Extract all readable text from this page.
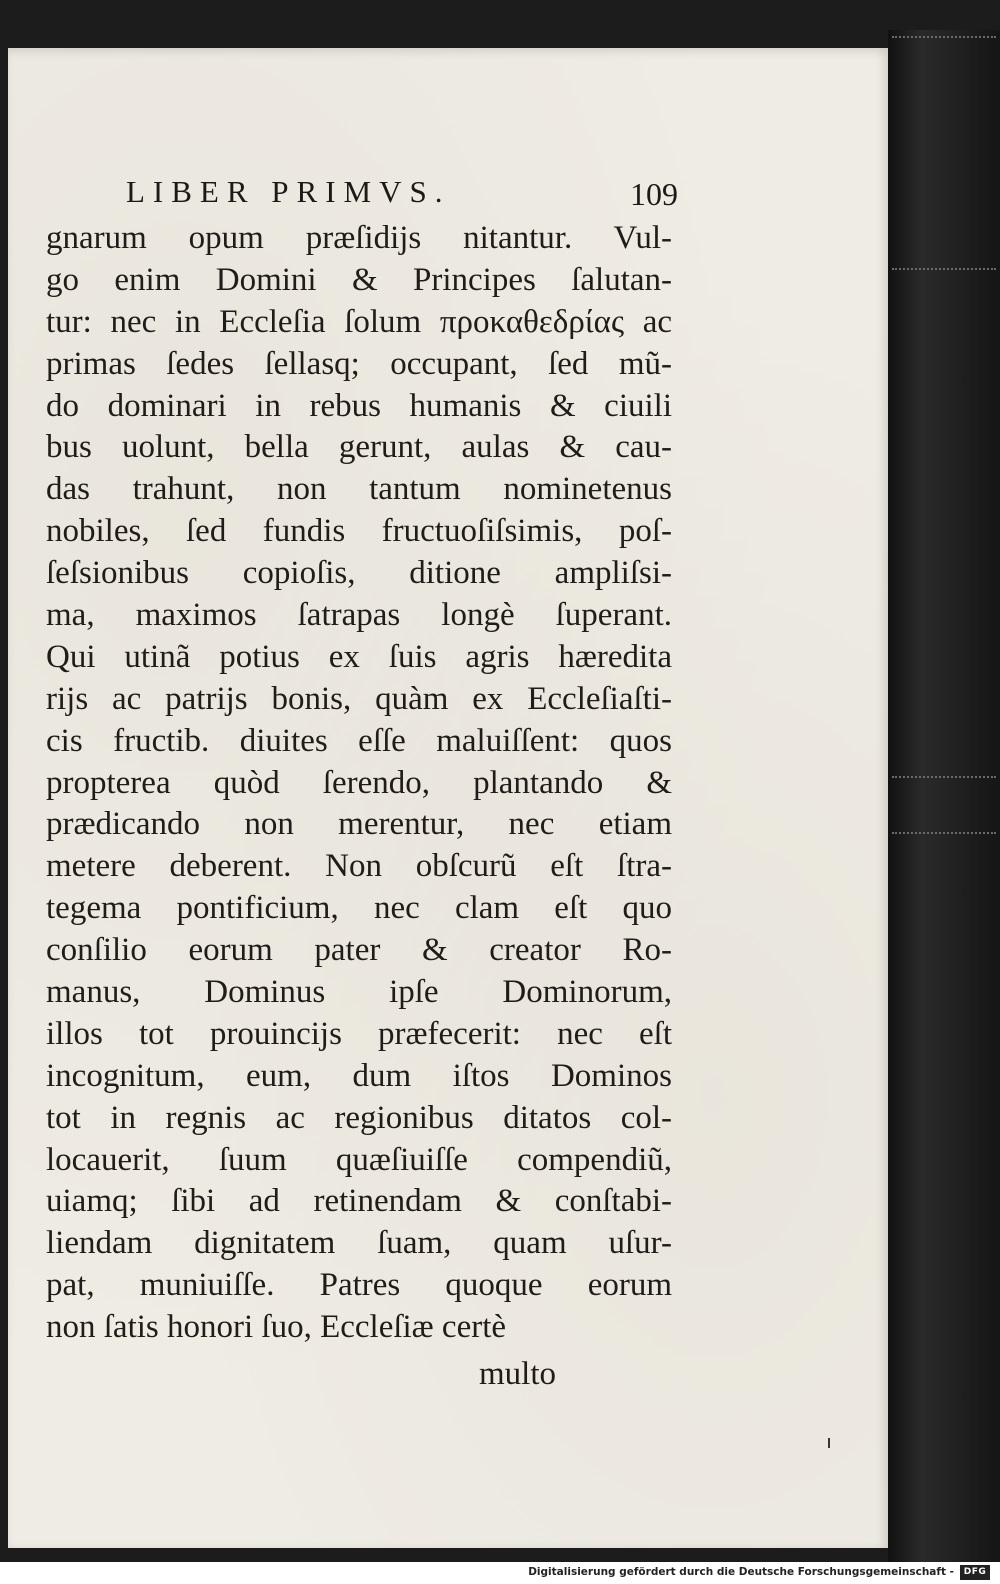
LIBER PRIMVS.	109
gnarum opum præſidijs nitantur. Vul-
go enim Domini & Principes ſalutan-
tur: nec in Eccleſia ſolum προκαθεδρίας ac
primas ſedes ſellasq; occupant, ſed mũ-
do dominari in rebus humanis & ciuili
bus uolunt, bella gerunt, aulas & cau-
das trahunt, non tantum nominetenus
nobiles, ſed fundis fructuoſiſsimis, poſ-
ſeſsionibus copioſis, ditione ampliſsi-
ma, maximos ſatrapas longè ſuperant.
Qui utinã potius ex ſuis agris hæredita
rijs ac patrijs bonis, quàm ex Eccleſiaſti-
cis fructib. diuites eſſe maluiſſent: quos
propterea quòd ſerendo, plantando &
prædicando non merentur, nec etiam
metere deberent. Non obſcurũ eſt ſtra-
tegema pontificium, nec clam eſt quo
conſilio eorum pater & creator Ro-
manus, Dominus ipſe Dominorum,
illos tot prouincijs præfecerit: nec eſt
incognitum, eum, dum iſtos Dominos
tot in regnis ac regionibus ditatos col-
locauerit, ſuum quæſiuiſſe compendiũ,
uiamq; ſibi ad retinendam & conſtabi-
liendam dignitatem ſuam, quam uſur-
pat, muniuiſſe. Patres quoque eorum
non ſatis honori ſuo, Eccleſiæ certè
multo
Digitalisierung gefördert durch die Deutsche Forschungsgemeinschaft -	DFG
